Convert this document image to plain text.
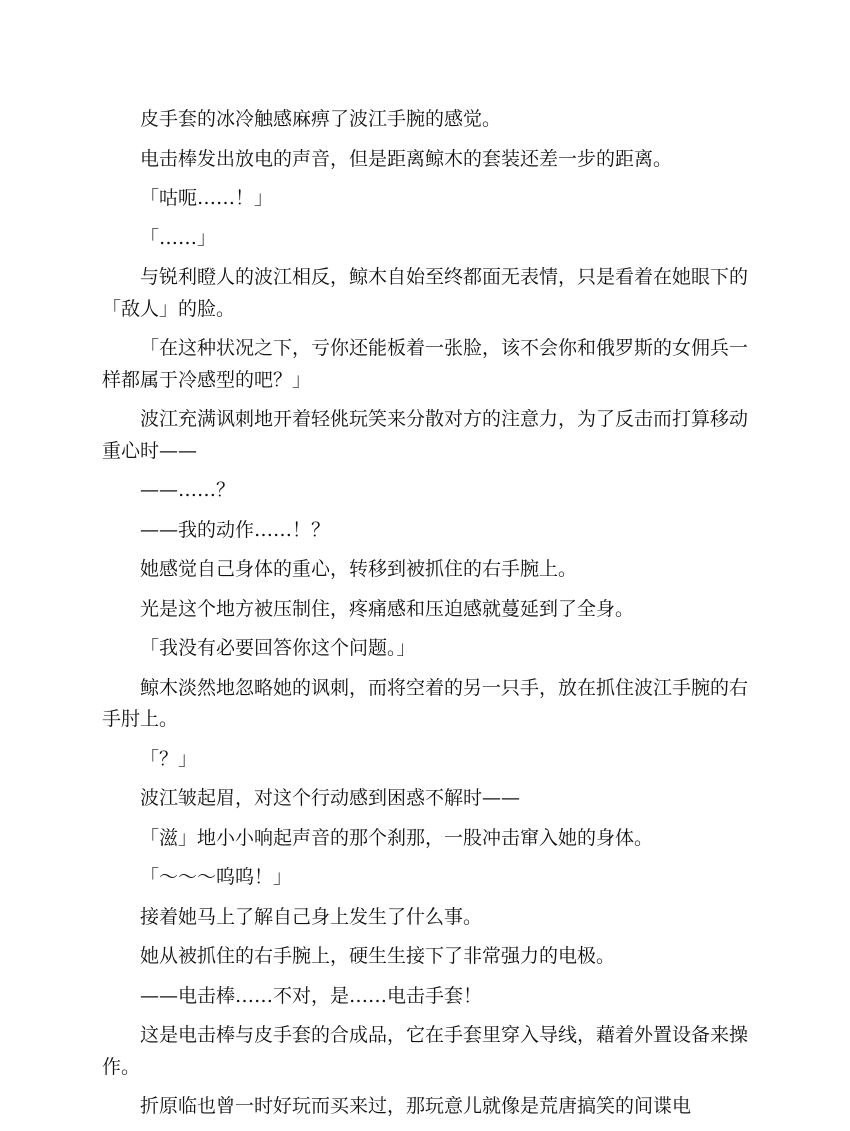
皮手套的冰冷触感麻痹了波江手腕的感觉。

电击棒发出放电的声音，但是距离鲸木的套装还差一步的距离。

「咕呃……！」

「……」

与锐利瞪人的波江相反，鲸木自始至终都面无表情，只是看着在她眼下的「敌人」的脸。

「在这种状况之下，亏你还能板着一张脸，该不会你和俄罗斯的女佣兵一样都属于冷感型的吧？」

波江充满讽刺地开着轻佻玩笑来分散对方的注意力，为了反击而打算移动重心时——

——……？

——我的动作……！？

她感觉自己身体的重心，转移到被抓住的右手腕上。

光是这个地方被压制住，疼痛感和压迫感就蔓延到了全身。

「我没有必要回答你这个问题。」

鲸木淡然地忽略她的讽刺，而将空着的另一只手，放在抓住波江手腕的右手肘上。

「？」

波江皱起眉，对这个行动感到困惑不解时——

「滋」地小小响起声音的那个刹那，一股冲击窜入她的身体。

「～～～呜呜！」

接着她马上了解自己身上发生了什么事。

她从被抓住的右手腕上，硬生生接下了非常强力的电极。

——电击棒……不对，是……电击手套！

这是电击棒与皮手套的合成品，它在手套里穿入导线，藉着外置设备来操作。

折原临也曾一时好玩而买来过，那玩意儿就像是荒唐搞笑的间谍电
